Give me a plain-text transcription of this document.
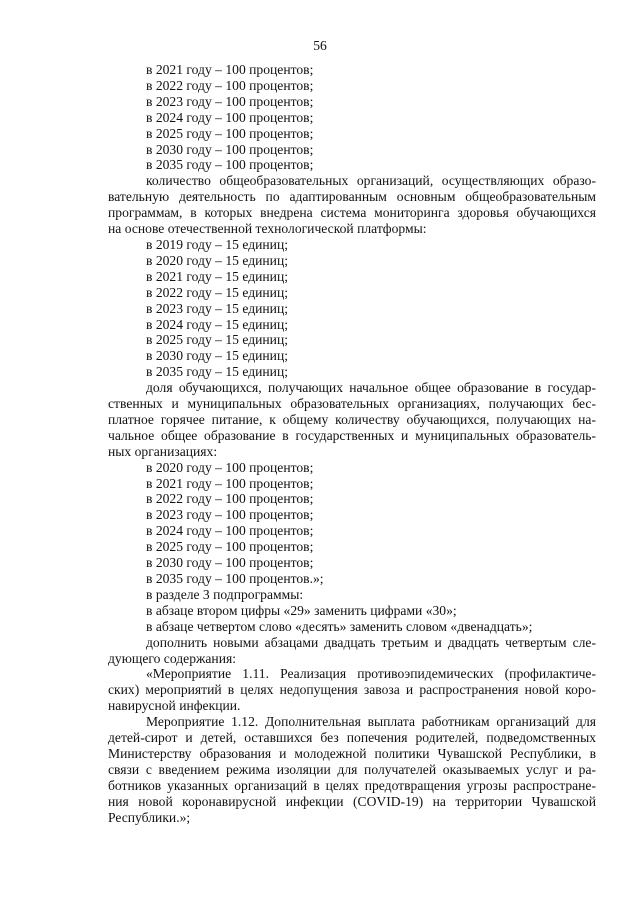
56

в 2021 году – 100 процентов;

в 2022 году – 100 процентов;

в 2023 году – 100 процентов;

в 2024 году – 100 процентов;

в 2025 году – 100 процентов;

в 2030 году – 100 процентов;

в 2035 году – 100 процентов;

количество общеобразовательных организаций, осуществляющих образо-

вательную деятельность по адаптированным основным общеобразовательным

программам, в которых внедрена система мониторинга здоровья обучающихся

на основе отечественной технологической платформы:

в 2019 году – 15 единиц;

в 2020 году – 15 единиц;

в 2021 году – 15 единиц;

в 2022 году – 15 единиц;

в 2023 году – 15 единиц;

в 2024 году – 15 единиц;

в 2025 году – 15 единиц;

в 2030 году – 15 единиц;

в 2035 году – 15 единиц;

доля обучающихся, получающих начальное общее образование в государ-

ственных и муниципальных образовательных организациях, получающих бес-

платное горячее питание, к общему количеству обучающихся, получающих на-

чальное общее образование в государственных и муниципальных образователь-

ных организациях:

в 2020 году – 100 процентов;

в 2021 году – 100 процентов;

в 2022 году – 100 процентов;

в 2023 году – 100 процентов;

в 2024 году – 100 процентов;

в 2025 году – 100 процентов;

в 2030 году – 100 процентов;

в 2035 году – 100 процентов.»;

в разделе 3 подпрограммы:

в абзаце втором цифры «29» заменить цифрами «30»;

в абзаце четвертом слово «десять» заменить словом «двенадцать»;

дополнить новыми абзацами двадцать третьим и двадцать четвертым сле-

дующего содержания:

«Мероприятие 1.11. Реализация противоэпидемических (профилактиче-

ских) мероприятий в целях недопущения завоза и распространения новой коро-

навирусной инфекции.

Мероприятие 1.12. Дополнительная выплата работникам организаций для

детей-сирот и детей, оставшихся без попечения родителей, подведомственных

Министерству образования и молодежной политики Чувашской Республики, в

связи с введением режима изоляции для получателей оказываемых услуг и ра-

ботников указанных организаций в целях предотвращения угрозы распростране-

ния новой коронавирусной инфекции (COVID-19) на территории Чувашской

Республики.»;
